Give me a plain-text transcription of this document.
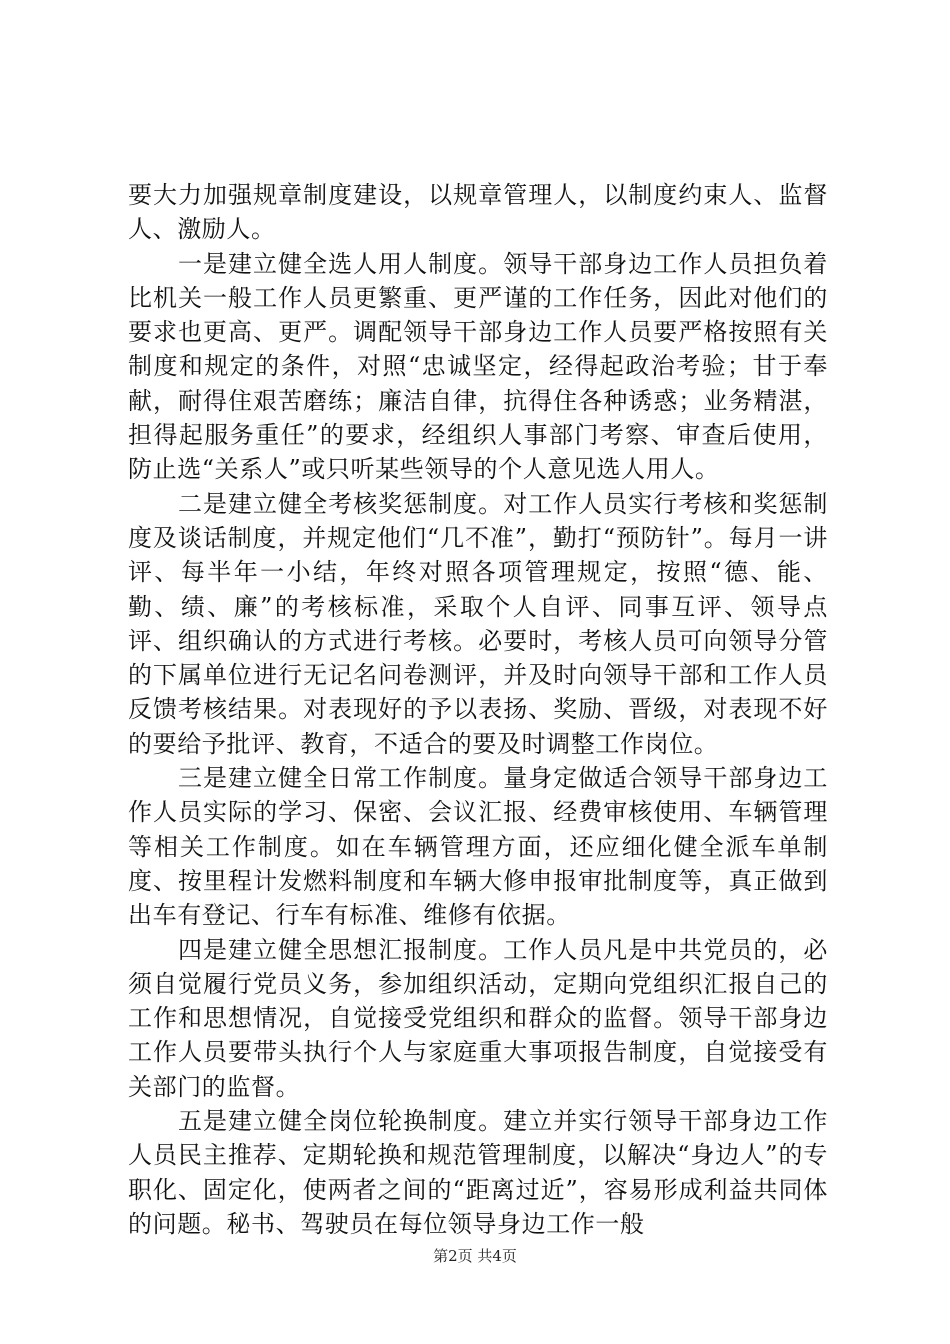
要大力加强规章制度建设，以规章管理人，以制度约束人、监督人、激励人。

一是建立健全选人用人制度。领导干部身边工作人员担负着比机关一般工作人员更繁重、更严谨的工作任务，因此对他们的要求也更高、更严。调配领导干部身边工作人员要严格按照有关制度和规定的条件，对照“忠诚坚定，经得起政治考验；甘于奉献，耐得住艰苦磨练；廉洁自律，抗得住各种诱惑；业务精湛，担得起服务重任”的要求，经组织人事部门考察、审查后使用，防止选“关系人”或只听某些领导的个人意见选人用人。

二是建立健全考核奖惩制度。对工作人员实行考核和奖惩制度及谈话制度，并规定他们“几不准”，勤打“预防针”。每月一讲评、每半年一小结，年终对照各项管理规定，按照“德、能、勤、绩、廉”的考核标准，采取个人自评、同事互评、领导点评、组织确认的方式进行考核。必要时，考核人员可向领导分管的下属单位进行无记名问卷测评，并及时向领导干部和工作人员反馈考核结果。对表现好的予以表扬、奖励、晋级，对表现不好的要给予批评、教育，不适合的要及时调整工作岗位。

三是建立健全日常工作制度。量身定做适合领导干部身边工作人员实际的学习、保密、会议汇报、经费审核使用、车辆管理等相关工作制度。如在车辆管理方面，还应细化健全派车单制度、按里程计发燃料制度和车辆大修申报审批制度等，真正做到出车有登记、行车有标准、维修有依据。

四是建立健全思想汇报制度。工作人员凡是中共党员的，必须自觉履行党员义务，参加组织活动，定期向党组织汇报自己的工作和思想情况，自觉接受党组织和群众的监督。领导干部身边工作人员要带头执行个人与家庭重大事项报告制度，自觉接受有关部门的监督。

五是建立健全岗位轮换制度。建立并实行领导干部身边工作人员民主推荐、定期轮换和规范管理制度，以解决“身边人”的专职化、固定化，使两者之间的“距离过近”，容易形成利益共同体的问题。秘书、驾驶员在每位领导身边工作一般

第2页 共4页
